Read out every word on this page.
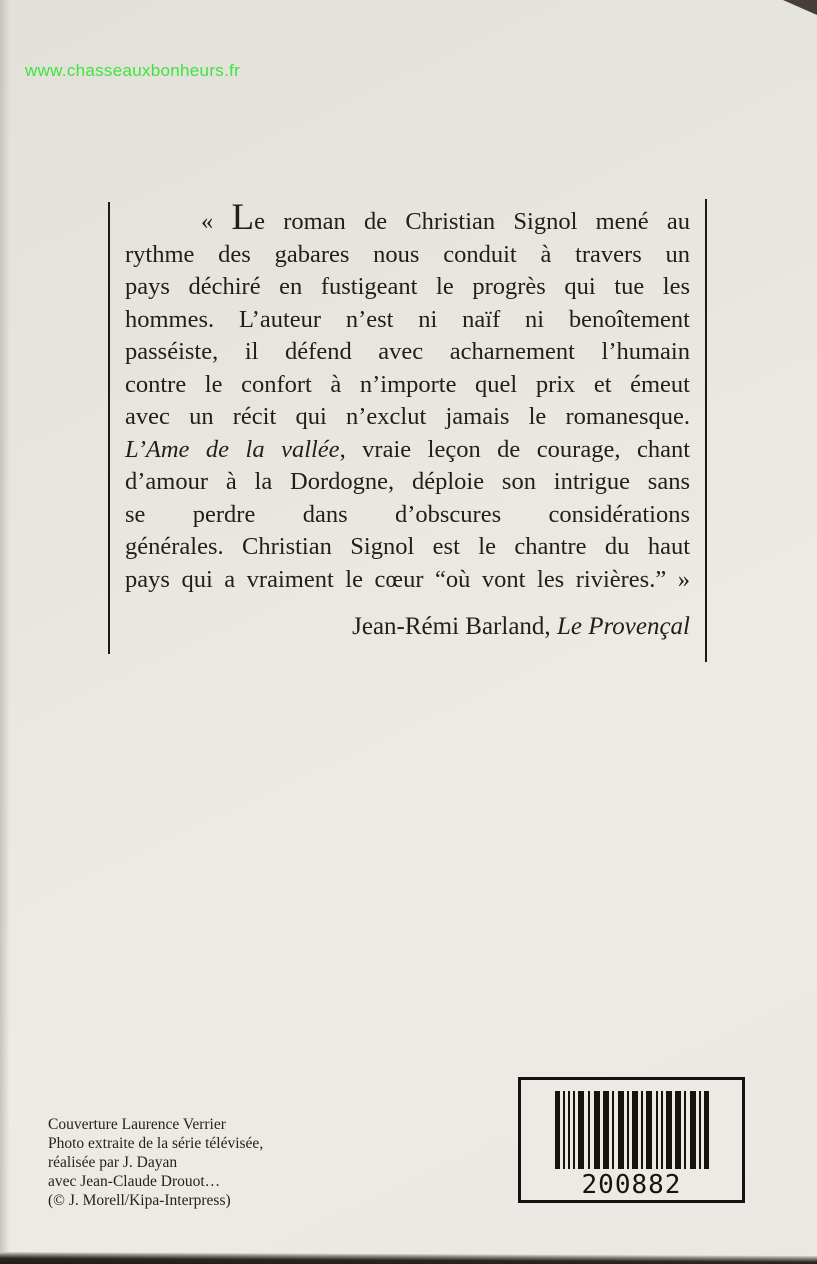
www.chasseauxbonheurs.fr
« Le roman de Christian Signol mené au
rythme des gabares nous conduit à travers un
pays déchiré en fustigeant le progrès qui tue les
hommes. L’auteur n’est ni naïf ni benoîtement
passéiste, il défend avec acharnement l’humain
contre le confort à n’importe quel prix et émeut
avec un récit qui n’exclut jamais le romanesque.
L’Ame de la vallée, vraie leçon de courage, chant
d’amour à la Dordogne, déploie son intrigue sans
se perdre dans d’obscures considérations
générales. Christian Signol est le chantre du haut
pays qui a vraiment le cœur “où vont les rivières.” »
Jean-Rémi Barland, Le Provençal
Couverture Laurence Verrier
Photo extraite de la série télévisée,
réalisée par J. Dayan
avec Jean-Claude Drouot…
(© J. Morell/Kipa-Interpress)
200882
